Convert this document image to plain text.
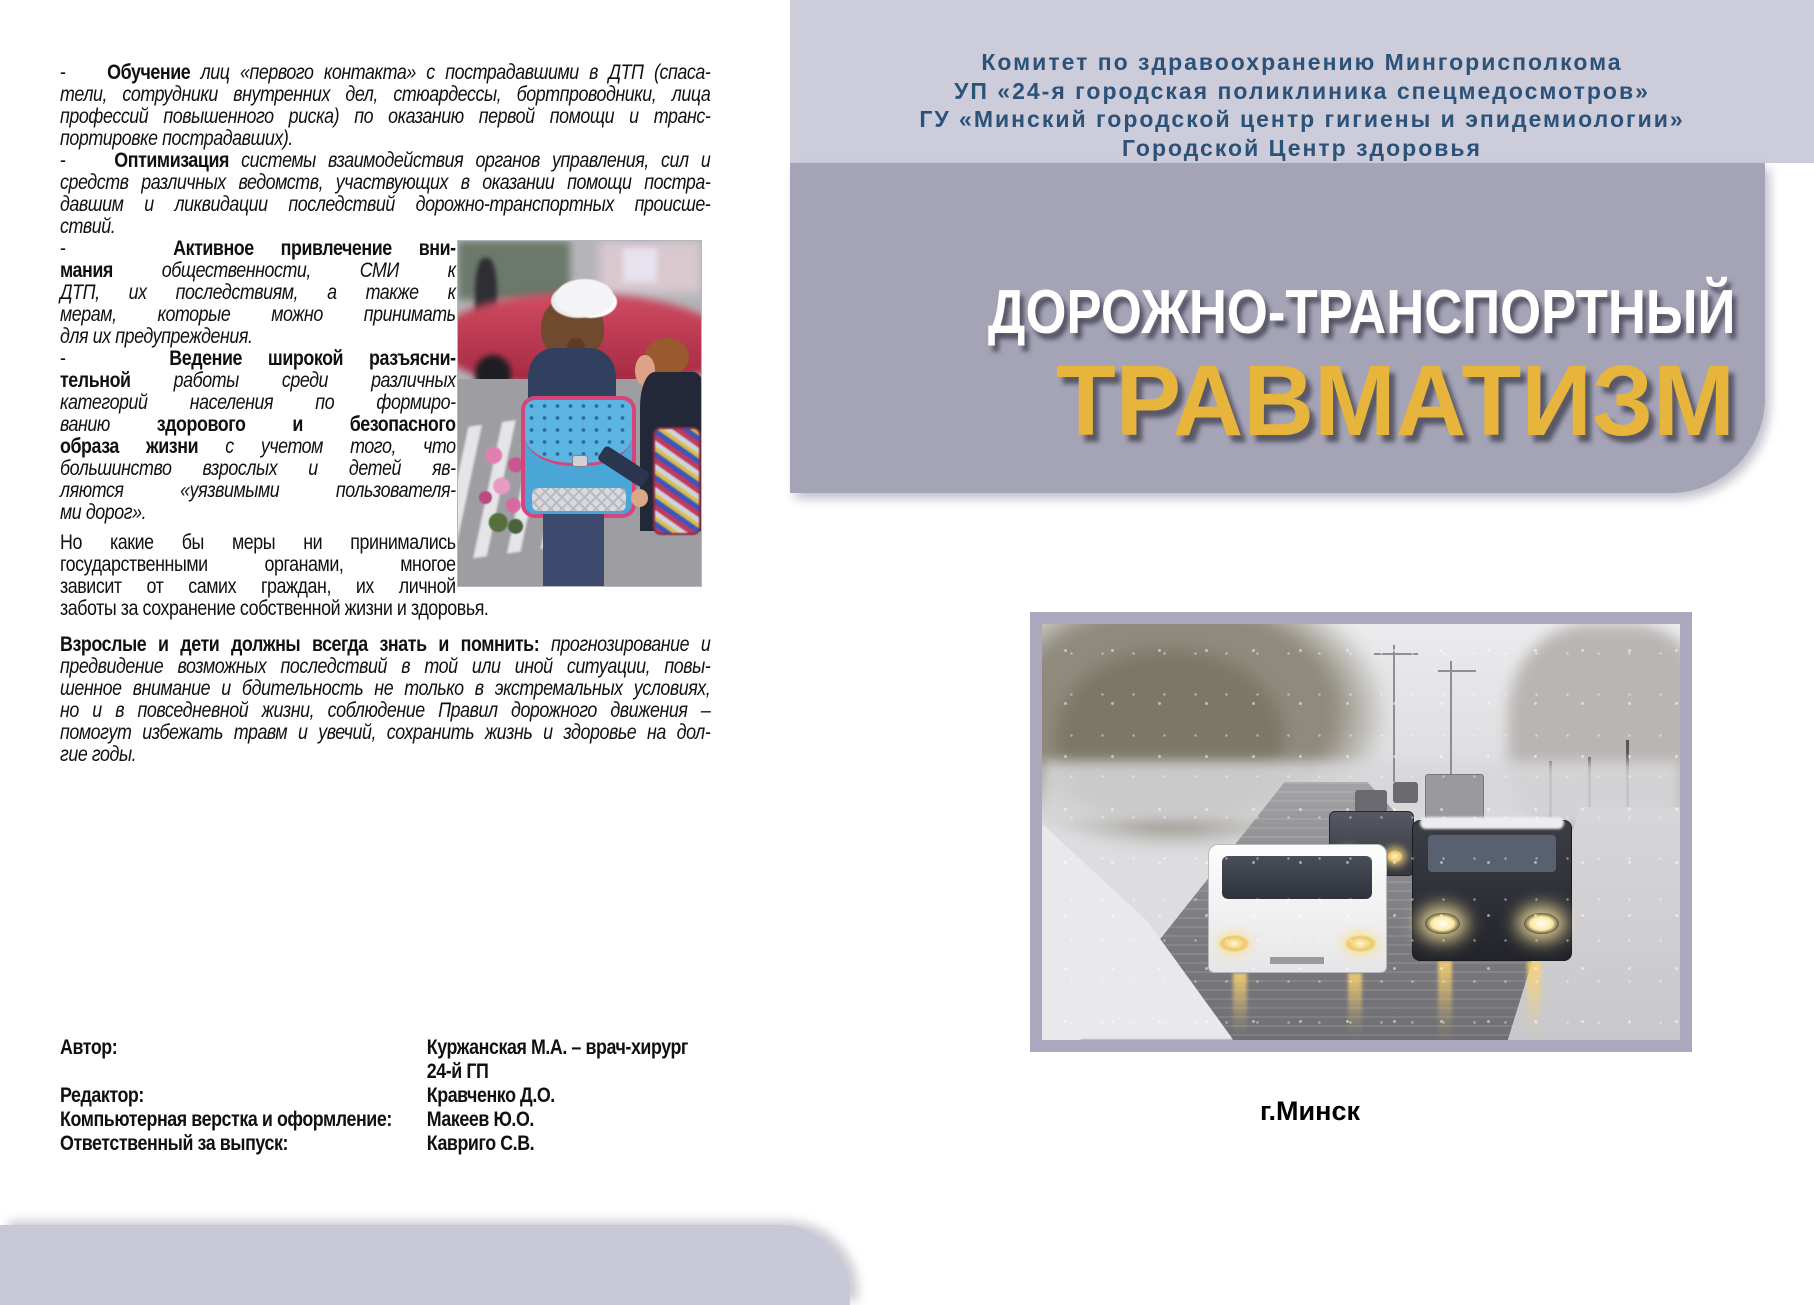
-    Обучение лиц «первого контакта» с пострадавшими в ДТП (спаса-
тели, сотрудники внутренних дел, стюардессы, бортпроводники, лица
профессий повышенного риска) по оказанию первой помощи и транс-
портировке пострадавших).
-    Оптимизация системы взаимодействия органов управления, сил и
средств различных ведомств, участвующих в оказании помощи постра-
давшим и ликвидации последствий дорожно-транспортных происше-
ствий.
-    Активное привлечение вни-
мания общественности, СМИ к
ДТП, их последствиям, а также к
мерам, которые можно принимать
для их предупреждения.
-    Ведение широкой разъясни-
тельной работы среди различных
категорий населения по формиро-
ванию здорового и безопасного
образа жизни с учетом того, что
большинство взрослых и детей яв-
ляются «уязвимыми пользователя-
ми дорог».
Но какие бы меры ни принимались
государственными органами, многое
зависит от самих граждан, их личной
заботы за сохранение собственной жизни и здоровья.
Взрослые и дети должны всегда знать и помнить: прогнозирование и
предвидение возможных последствий в той или иной ситуации, повы-
шенное внимание и бдительность не только в экстремальных условиях,
но и в повседневной жизни, соблюдение Правил дорожного движения –
помогут избежать травм и увечий, сохранить жизнь и здоровье на дол-
гие годы.
Автор:	Куржанская М.А. – врач-хирург 24-й ГП
Редактор:	Кравченко Д.О.
Компьютерная верстка и оформление:	Макеев Ю.О.
Ответственный за выпуск:	Кавриго С.В.
Комитет по здравоохранению Мингорисполкома
УП «24-я городская поликлиника спецмедосмотров»
ГУ «Минский городской центр гигиены и эпидемиологии»
Городской Центр здоровья
ДОРОЖНО-ТРАНСПОРТНЫЙ
ТРАВМАТИЗМ
г.Минск
